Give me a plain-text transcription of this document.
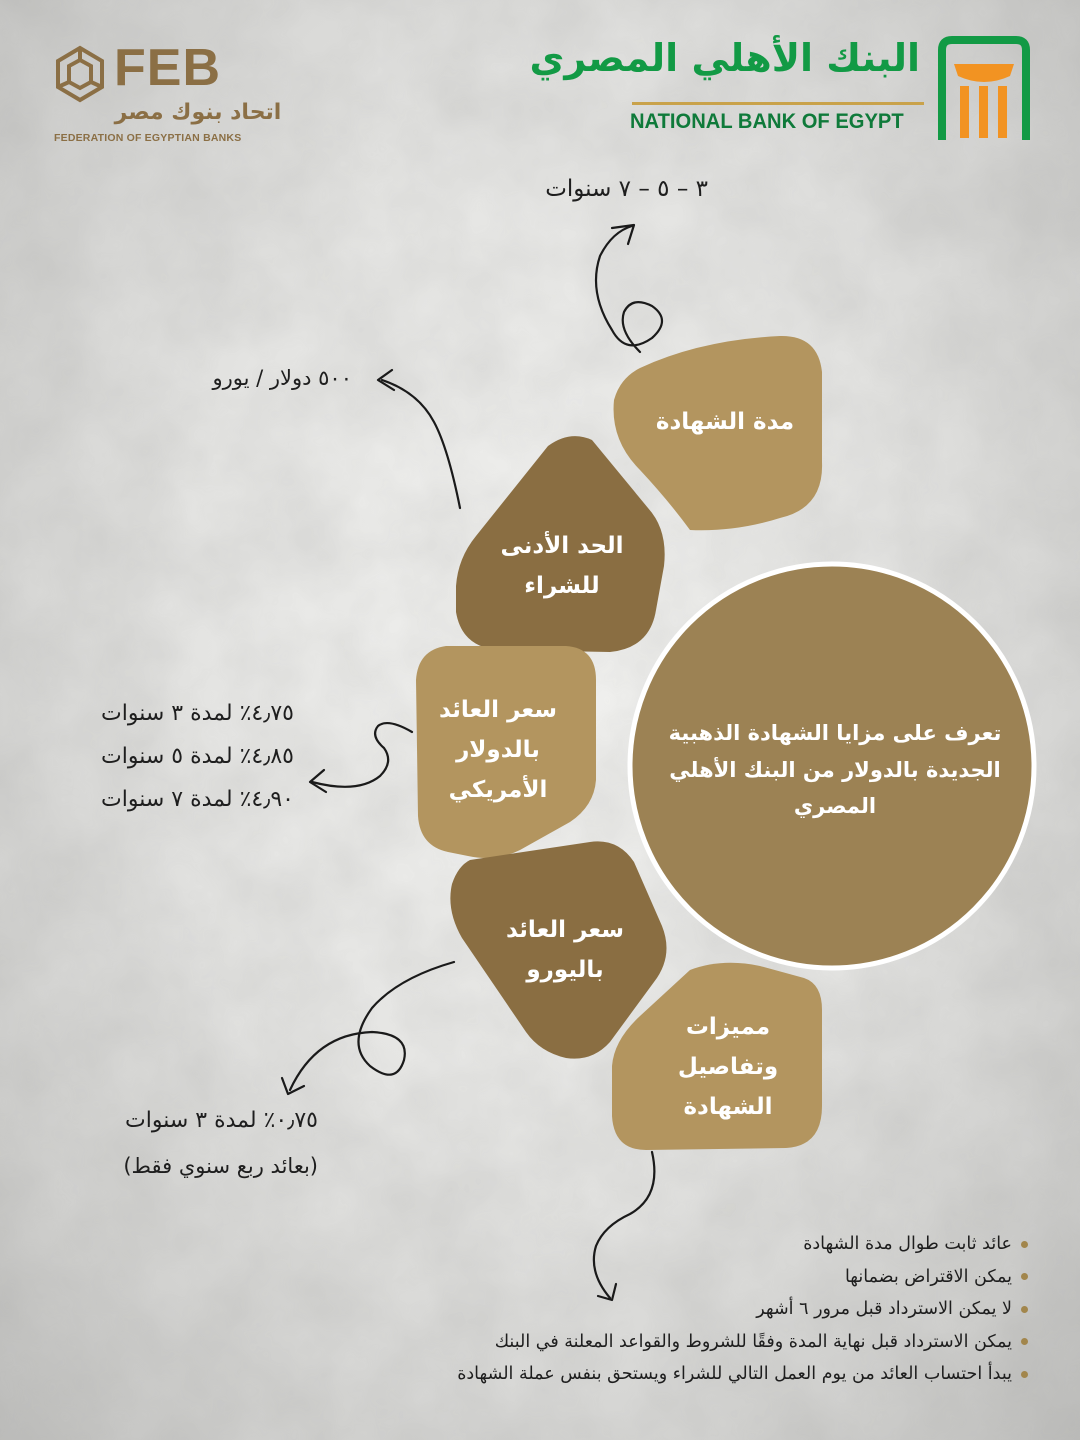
FEB
اتحاد بنوك مصر
FEDERATION OF EGYPTIAN BANKS
البنك الأهلي المصري
NATIONAL BANK OF EGYPT
مدة الشهادة
الحد الأدنى للشراء
سعر العائد بالدولار الأمريكي
سعر العائد باليورو
مميزات وتفاصيل الشهادة
تعرف على مزايا الشهادة الذهبية الجديدة بالدولار من البنك الأهلي المصري
٣ – ٥ – ٧ سنوات
٥٠٠ دولار / يورو
٤٫٧٥٪ لمدة ٣ سنوات
٤٫٨٥٪ لمدة ٥ سنوات
٤٫٩٠٪ لمدة ٧ سنوات
٠٫٧٥٪ لمدة ٣ سنوات
(بعائد ربع سنوي فقط)
عائد ثابت طوال مدة الشهادة
يمكن الاقتراض بضمانها
لا يمكن الاسترداد قبل مرور ٦ أشهر
يمكن الاسترداد قبل نهاية المدة وفقًا للشروط والقواعد المعلنة في البنك
يبدأ احتساب العائد من يوم العمل التالي للشراء ويستحق بنفس عملة الشهادة
